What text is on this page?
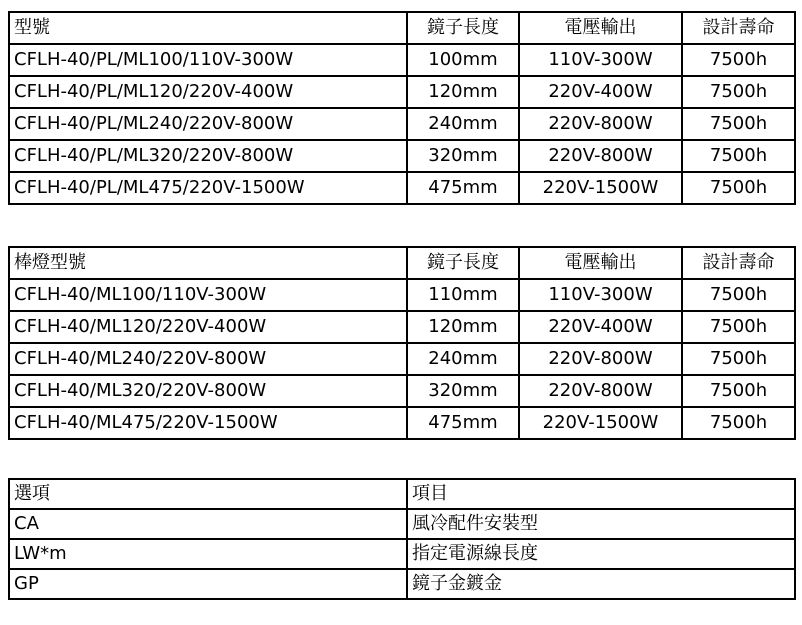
型號	鏡子長度	電壓輸出	設計壽命
CFLH-40/PL/ML100/110V-300W	100mm	110V-300W	7500h
CFLH-40/PL/ML120/220V-400W	120mm	220V-400W	7500h
CFLH-40/PL/ML240/220V-800W	240mm	220V-800W	7500h
CFLH-40/PL/ML320/220V-800W	320mm	220V-800W	7500h
CFLH-40/PL/ML475/220V-1500W	475mm	220V-1500W	7500h
棒燈型號	鏡子長度	電壓輸出	設計壽命
CFLH-40/ML100/110V-300W	110mm	110V-300W	7500h
CFLH-40/ML120/220V-400W	120mm	220V-400W	7500h
CFLH-40/ML240/220V-800W	240mm	220V-800W	7500h
CFLH-40/ML320/220V-800W	320mm	220V-800W	7500h
CFLH-40/ML475/220V-1500W	475mm	220V-1500W	7500h
選項	項目
CA	風冷配件安裝型
LW*m	指定電源線長度
GP	鏡子金鍍金
